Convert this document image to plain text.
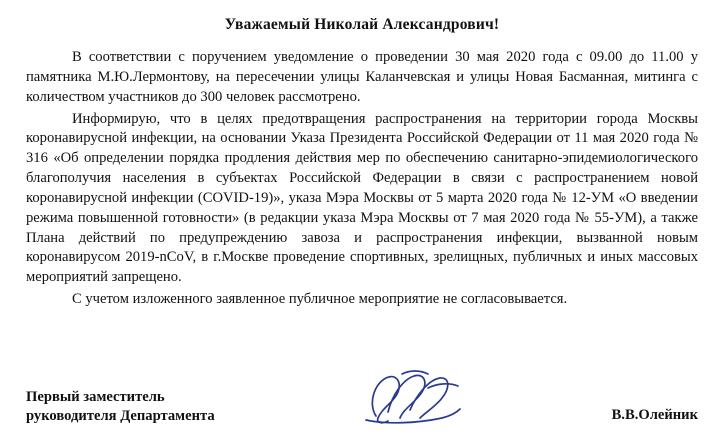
Уважаемый Николай Александрович!

В соответствии с поручением уведомление о проведении 30 мая 2020 года с 09.00 до 11.00 у памятника М.Ю.Лермонтову, на пересечении улицы Каланчевская и улицы Новая Басманная, митинга с количеством участников до 300 человек рассмотрено.

Информирую, что в целях предотвращения распространения на территории города Москвы коронавирусной инфекции, на основании Указа Президента Российской Федерации от 11 мая 2020 года № 316 «Об определении порядка продления действия мер по обеспечению санитарно-эпидемиологического благополучия населения в субъектах Российской Федерации в связи с распространением новой коронавирусной инфекции (COVID-19)», указа Мэра Москвы от 5 марта 2020 года № 12-УМ «О введении режима повышенной готовности» (в редакции указа Мэра Москвы от 7 мая 2020 года № 55-УМ), а также Плана действий по предупреждению завоза и распространения инфекции, вызванной новым коронавирусом 2019-nCoV, в г.Москве проведение спортивных, зрелищных, публичных и иных массовых мероприятий запрещено.

С учетом изложенного заявленное публичное мероприятие не согласовывается.

Первый заместитель
руководителя Департамента	В.В.Олейник
